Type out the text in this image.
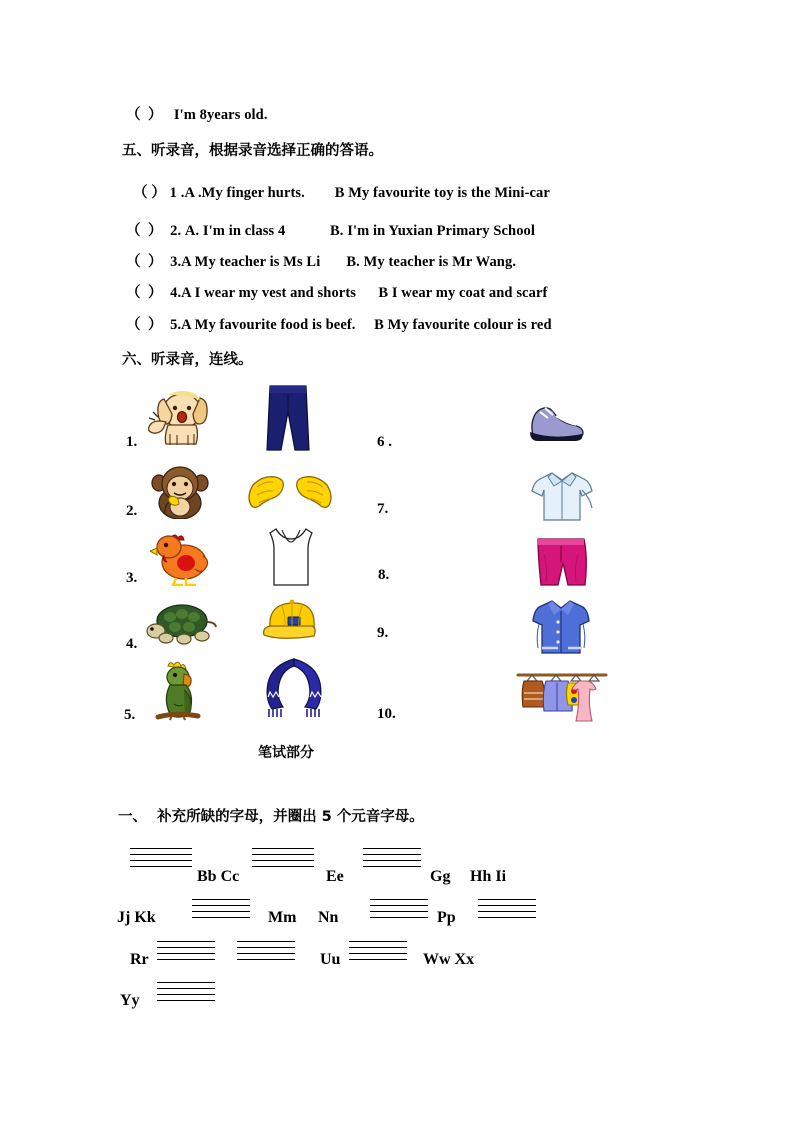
（  ）   I'm 8years old.
五、听录音，根据录音选择正确的答语。
（ ） 1 .A .My finger hurts.        B My favourite toy is the Mini-car
（  ）  2. A. I'm in class 4            B. I'm in Yuxian Primary School
（  ）  3.A My teacher is Ms Li       B. My teacher is Mr Wang.
（  ）  4.A I wear my vest and shorts      B I wear my coat and scarf
（  ）  5.A My favourite food is beef.     B My favourite colour is red
六、听录音，连线。
1.
2.
3.
4.
5.
6 .
7.
8.
9.
10.
笔试部分
一、  补充所缺的字母，并圈出 5 个元音字母。
Bb Cc	Ee	Gg Hh Ii
Jj Kk	Mm Nn	Pp
Rr	Uu	Ww Xx
Yy
